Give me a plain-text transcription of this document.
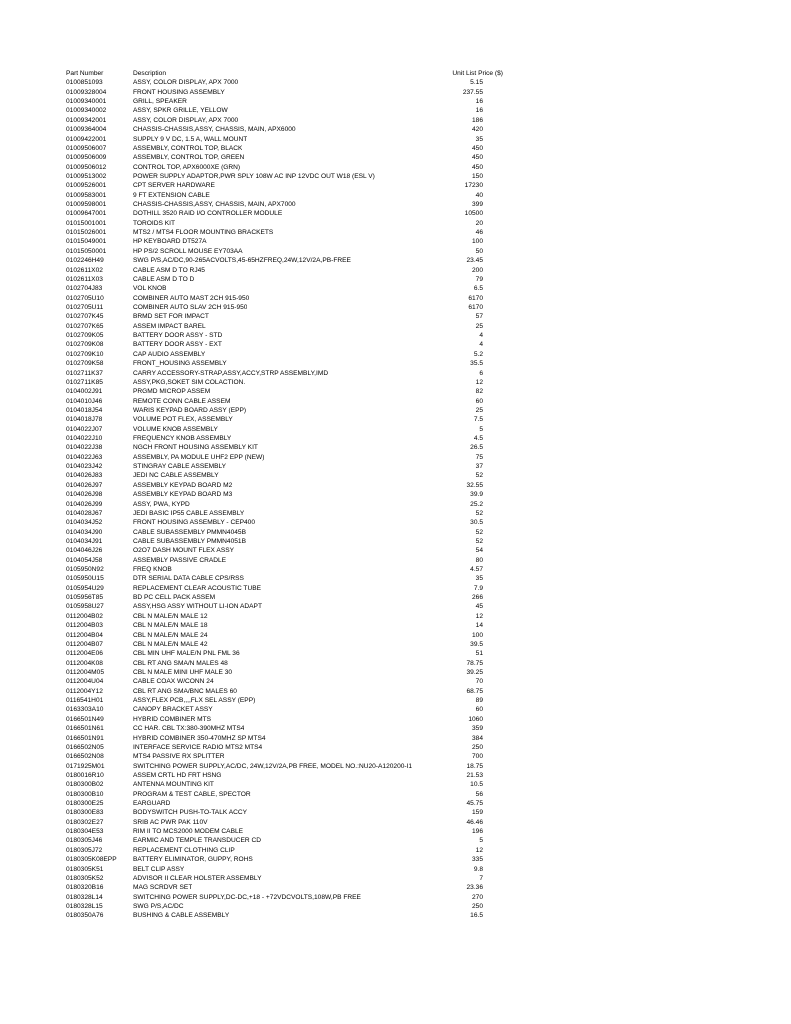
Part Number	Description	Unit List Price ($)
0100851093	ASSY, COLOR DISPLAY, APX 7000	5.15
01009328004	FRONT HOUSING ASSEMBLY	237.55
01009340001	GRILL, SPEAKER	16
01009340002	ASSY, SPKR GRILLE, YELLOW	16
01009342001	ASSY, COLOR DISPLAY, APX 7000	186
01009364004	CHASSIS-CHASSIS,ASSY, CHASSIS, MAIN, APX6000	420
01009422001	SUPPLY 9 V DC, 1.5 A, WALL MOUNT	35
01009506007	ASSEMBLY, CONTROL TOP, BLACK	450
01009506009	ASSEMBLY, CONTROL TOP, GREEN	450
01009506012	CONTROL TOP, APX6000XE (GRN)	450
01009513002	POWER SUPPLY ADAPTOR,PWR SPLY 108W AC INP 12VDC OUT W18 (ESL V)	150
01009526001	CPT SERVER HARDWARE	17230
01009583001	9 FT EXTENSION CABLE	40
01009598001	CHASSIS-CHASSIS,ASSY, CHASSIS, MAIN, APX7000	399
01009647001	DOTHILL 3520 RAID I/O CONTROLLER MODULE	10500
01015001001	TOROIDS KIT	20
01015026001	MTS2 / MTS4 FLOOR MOUNTING BRACKETS	46
01015049001	HP KEYBOARD DT527A	100
01015050001	HP PS/2 SCROLL MOUSE EY703AA	50
0102246H49	SWG P/S,AC/DC,90-265ACVOLTS,45-65HZFREQ,24W,12V/2A,PB-FREE	23.45
0102611X02	CABLE ASM D TO RJ45	200
0102611X03	CABLE ASM D TO D	79
0102704J83	VOL KNOB	6.5
0102705U10	COMBINER AUTO MAST 2CH 915-950	6170
0102705U11	COMBINER AUTO SLAV 2CH 915-950	6170
0102707K45	BRMD SET FOR IMPACT	57
0102707K65	ASSEM IMPACT BAREL	25
0102709K05	BATTERY DOOR ASSY - STD	4
0102709K08	BATTERY DOOR ASSY - EXT	4
0102709K10	CAP AUDIO ASSEMBLY	5.2
0102709K58	FRONT_HOUSING ASSEMBLY	35.5
0102711K37	CARRY ACCESSORY-STRAP,ASSY,ACCY,STRP ASSEMBLY,IMD	6
0102711K85	ASSY,PKG,SOKET SIM COLACTION.	12
0104002J91	PRGMD MICROP ASSEM	82
0104010J46	REMOTE CONN CABLE ASSEM	60
0104018J54	WARIS KEYPAD BOARD ASSY (EPP)	25
0104018J78	VOLUME POT FLEX, ASSEMBLY	7.5
0104022J07	VOLUME KNOB ASSEMBLY	5
0104022J10	FREQUENCY KNOB ASSEMBLY	4.5
0104022J38	NGCH FRONT HOUSING ASSEMBLY KIT	26.5
0104022J63	ASSEMBLY, PA MODULE UHF2 EPP (NEW)	75
0104023J42	STINGRAY CABLE ASSEMBLY	37
0104026J83	JEDI NC CABLE ASSEMBLY	52
0104026J97	ASSEMBLY KEYPAD BOARD M2	32.55
0104026J98	ASSEMBLY KEYPAD BOARD M3	39.9
0104026J99	ASSY, PWA, KYPD	25.2
0104028J67	JEDI BASIC IP55 CABLE ASSEMBLY	52
0104034J52	FRONT HOUSING ASSEMBLY - CEP400	30.5
0104034J90	CABLE SUBASSEMBLY PMMN4045B	52
0104034J91	CABLE SUBASSEMBLY PMMN4051B	52
0104046J26	O2O7 DASH MOUNT FLEX ASSY	54
0104054J58	ASSEMBLY PASSIVE CRADLE	80
0105950N92	FREQ KNOB	4.57
0105950U15	DTR SERIAL DATA CABLE CPS/RSS	35
0105954U29	REPLACEMENT CLEAR ACOUSTIC TUBE	7.9
0105956T85	BD PC CELL PACK ASSEM	266
0105958U27	ASSY,HSG ASSY WITHOUT LI-ION ADAPT	45
0112004B02	CBL N MALE/N MALE 12	12
0112004B03	CBL N MALE/N MALE 18	14
0112004B04	CBL N MALE/N MALE 24	100
0112004B07	CBL N MALE/N MALE 42	39.5
0112004E06	CBL MIN UHF MALE/N PNL FML 36	51
0112004K08	CBL RT ANG SMA/N MALES 48	78.75
0112004M05	CBL N MALE MINI UHF MALE 30	39.25
0112004U04	CABLE COAX W/CONN 24	70
0112004Y12	CBL RT ANG SMA/BNC MALES 60	68.75
0116541H01	ASSY,FLEX PCB,,,,FLX SEL ASSY (EPP)	89
0163303A10	CANOPY BRACKET ASSY	60
0166501N49	HYBRID COMBINER MTS	1060
0166501N61	CC HAR. CBL TX:380-390MHZ MTS4	359
0166501N91	HYBRID COMBINER 350-470MHZ SP MTS4	384
0166502N05	INTERFACE SERVICE RADIO MTS2 MTS4	250
0166502N08	MTS4 PASSIVE RX SPLITTER	700
0171925M01	SWITCHING POWER SUPPLY,AC/DC, 24W,12V/2A,PB FREE, MODEL NO.:NU20-A120200-I1	18.75
0180016R10	ASSEM CRTL HD FRT HSNG	21.53
0180300B02	ANTENNA MOUNTING KIT	10.5
0180300B10	PROGRAM & TEST CABLE, SPECTOR	56
0180300E25	EARGUARD	45.75
0180300E83	BODYSWITCH PUSH-TO-TALK ACCY	159
0180302E27	SRIB AC PWR PAK 110V	46.46
0180304E53	RIM II TO MCS2000 MODEM CABLE	196
0180305J46	EARMIC AND TEMPLE TRANSDUCER CD	5
0180305J72	REPLACEMENT CLOTHING CLIP	12
0180305K08EPP BATTERY ELIMINATOR, GUPPY, ROHS	335
0180305K51	BELT CLIP ASSY	9.8
0180305K52	ADVISOR II CLEAR HOLSTER ASSEMBLY	7
0180320B16	MAG SCRDVR SET	23.36
0180328L14	SWITCHING POWER SUPPLY,DC-DC,+18 - +72VDCVOLTS,108W,PB FREE	270
0180328L15	SWG P/S,AC/DC	250
0180350A76	BUSHING & CABLE ASSEMBLY	16.5
